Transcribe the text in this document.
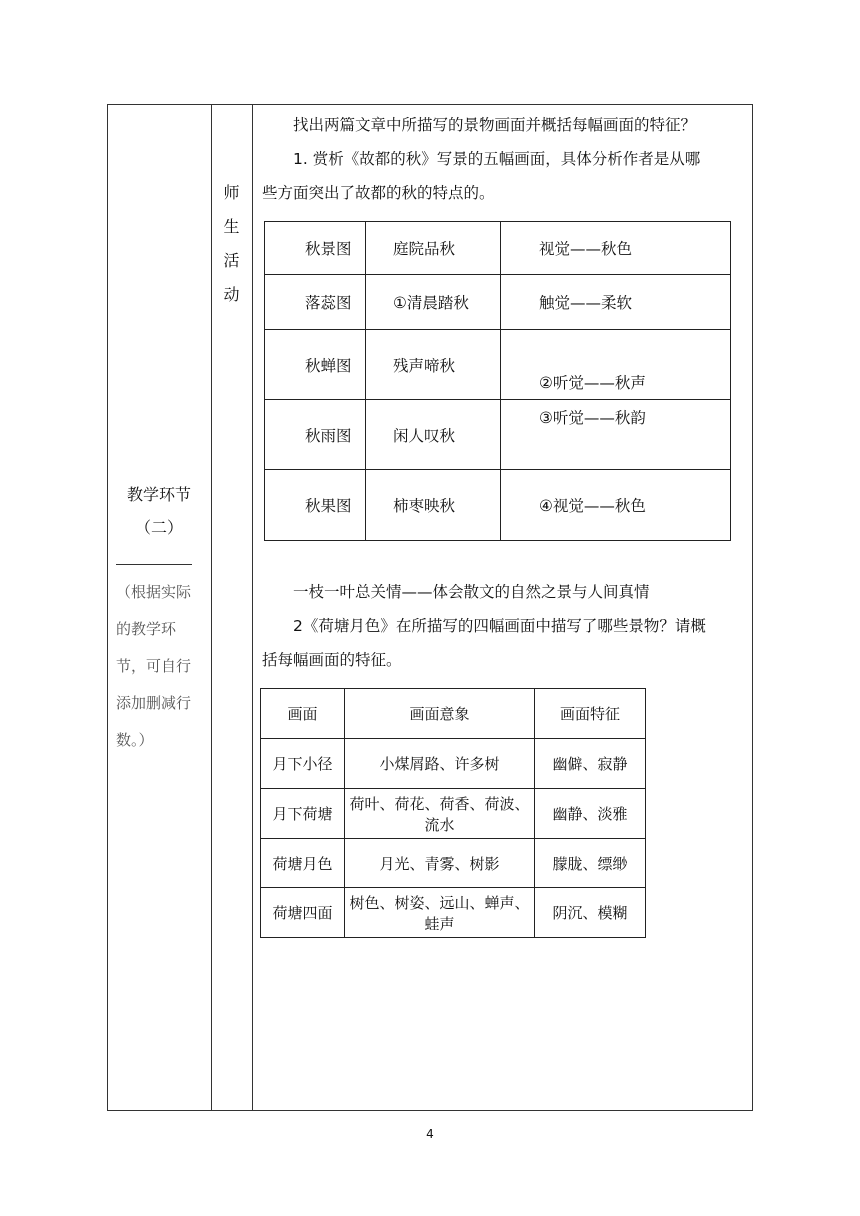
教学环节
（二）
（根据实际
的教学环
节，可自行
添加删减行
数。）
师
生
活
动
找出两篇文章中所描写的景物画面并概括每幅画面的特征？
1. 赏析《故都的秋》写景的五幅画面，具体分析作者是从哪
些方面突出了故都的秋的特点的。
秋景图	庭院品秋	视觉——秋色
落蕊图	①清晨踏秋	触觉——柔软
秋蝉图	残声啼秋	②听觉——秋声
秋雨图	闲人叹秋	③听觉——秋韵
秋果图	柿枣映秋	④视觉——秋色
一枝一叶总关情——体会散文的自然之景与人间真情
2《荷塘月色》在所描写的四幅画面中描写了哪些景物？请概
括每幅画面的特征。
画面	画面意象	画面特征
月下小径	小煤屑路、许多树	幽僻、寂静
月下荷塘	荷叶、荷花、荷香、荷波、流水	幽静、淡雅
荷塘月色	月光、青雾、树影	朦胧、缥缈
荷塘四面	树色、树姿、远山、蝉声、蛙声	阴沉、模糊
4
